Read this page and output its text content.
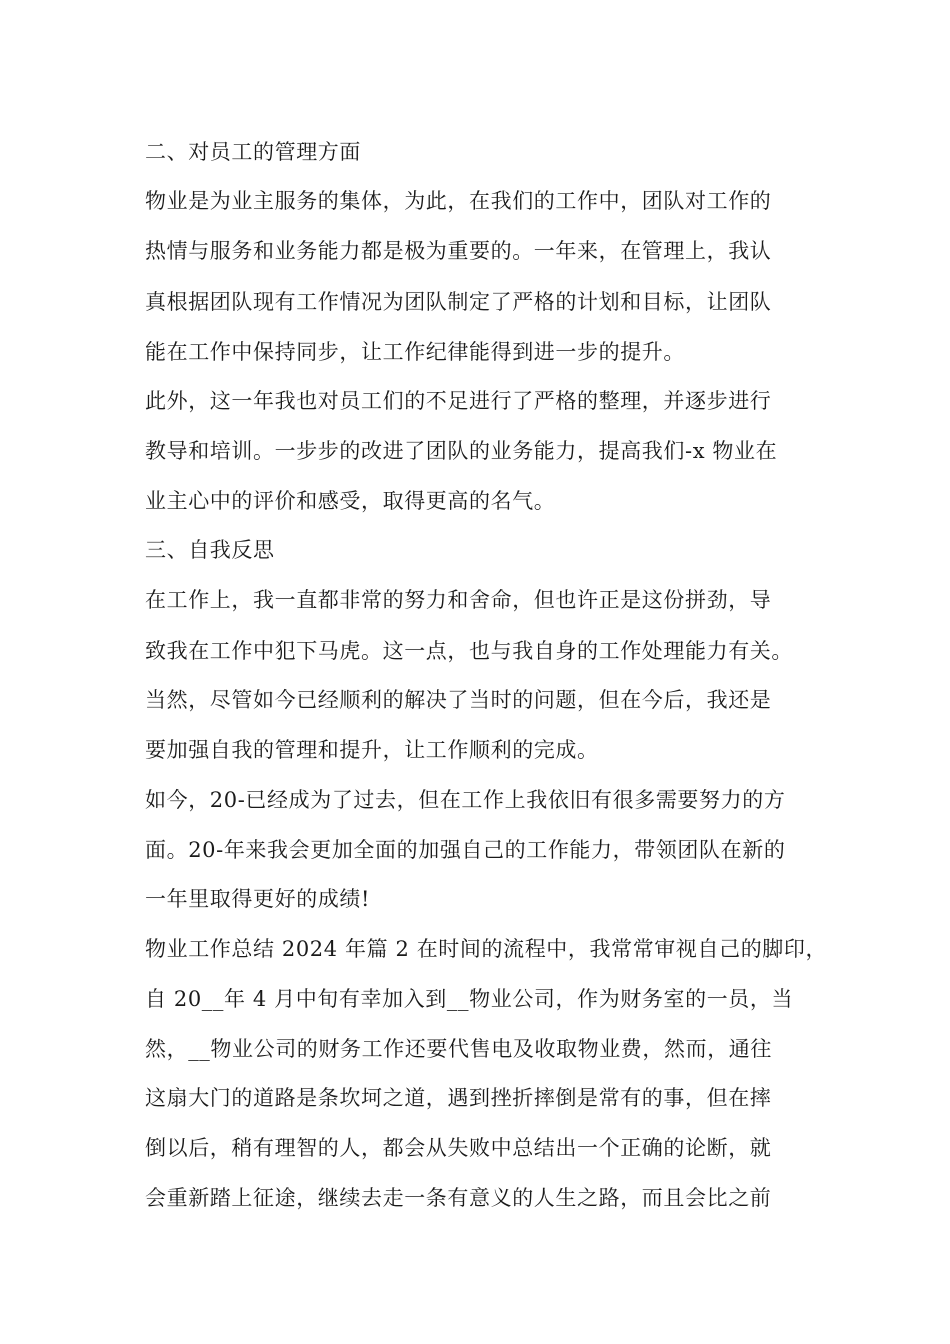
二、对员工的管理方面

物业是为业主服务的集体，为此，在我们的工作中，团队对工作的

热情与服务和业务能力都是极为重要的。一年来，在管理上，我认

真根据团队现有工作情况为团队制定了严格的计划和目标，让团队

能在工作中保持同步，让工作纪律能得到进一步的提升。

此外，这一年我也对员工们的不足进行了严格的整理，并逐步进行

教导和培训。一步步的改进了团队的业务能力，提高我们-x 物业在

业主心中的评价和感受，取得更高的名气。

三、自我反思

在工作上，我一直都非常的努力和舍命，但也许正是这份拼劲，导

致我在工作中犯下马虎。这一点，也与我自身的工作处理能力有关。

当然，尽管如今已经顺利的解决了当时的问题，但在今后，我还是

要加强自我的管理和提升，让工作顺利的完成。

如今，20-已经成为了过去，但在工作上我依旧有很多需要努力的方

面。20-年来我会更加全面的加强自己的工作能力，带领团队在新的

一年里取得更好的成绩!

物业工作总结 2024 年篇 2 在时间的流程中，我常常审视自己的脚印，

自 20__年 4 月中旬有幸加入到__物业公司，作为财务室的一员，当

然，__物业公司的财务工作还要代售电及收取物业费，然而，通往

这扇大门的道路是条坎坷之道，遇到挫折摔倒是常有的事，但在摔

倒以后，稍有理智的人，都会从失败中总结出一个正确的论断，就

会重新踏上征途，继续去走一条有意义的人生之路，而且会比之前
